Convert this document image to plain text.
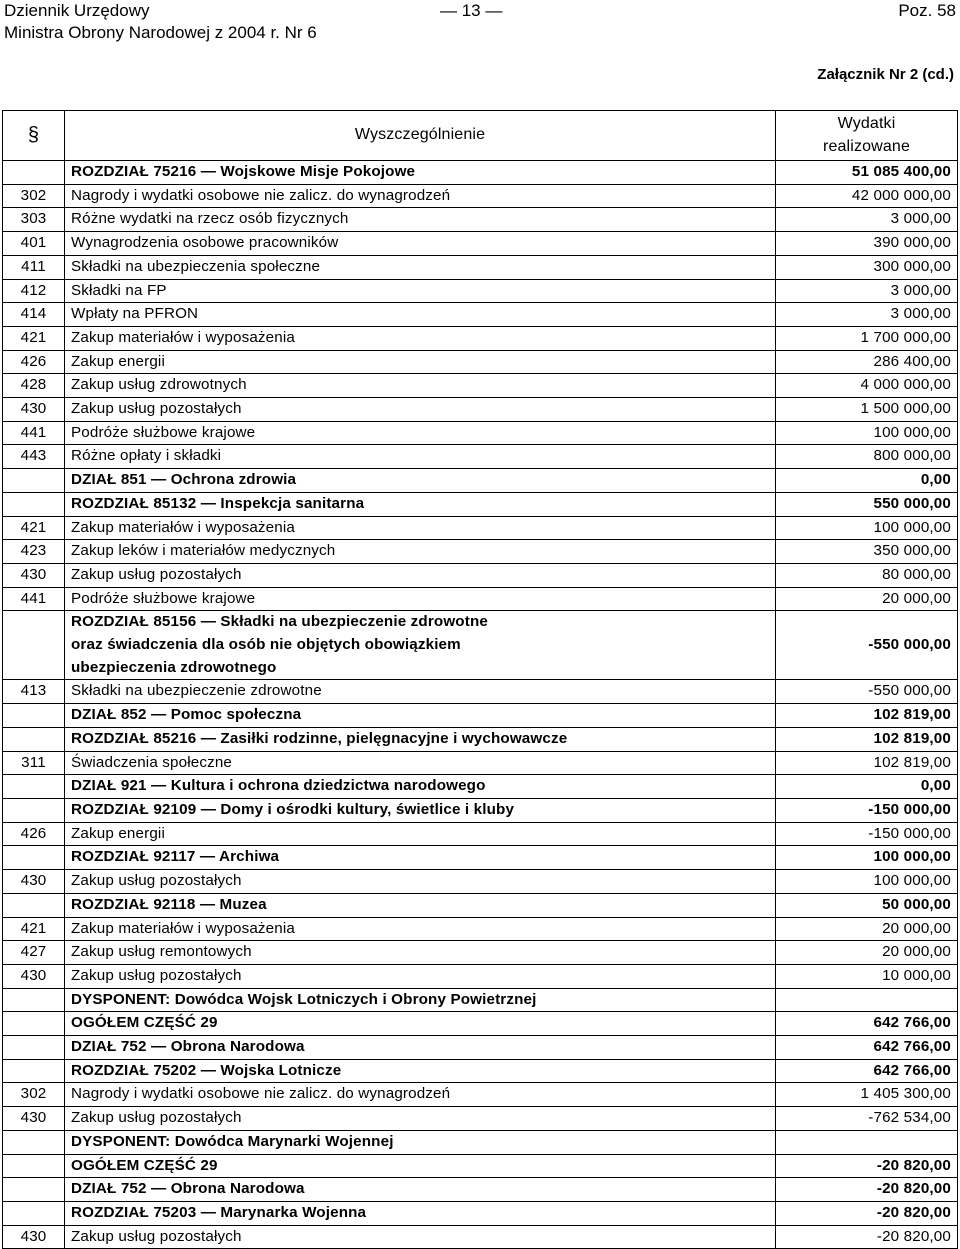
Dziennik Urzędowy
Ministra Obrony Narodowej z 2004 r. Nr 6
— 13 —	Poz. 58
Załącznik Nr 2 (cd.)
§	Wyszczególnienie	Wydatki
realizowane

	ROZDZIAŁ 75216 — Wojskowe Misje Pokojowe	51 085 400,00
302	Nagrody i wydatki osobowe nie zalicz. do wynagrodzeń	42 000 000,00
303	Różne wydatki na rzecz osób fizycznych	3 000,00
401	Wynagrodzenia osobowe pracowników	390 000,00
411	Składki na ubezpieczenia społeczne	300 000,00
412	Składki na FP	3 000,00
414	Wpłaty na PFRON	3 000,00
421	Zakup materiałów i wyposażenia	1 700 000,00
426	Zakup energii	286 400,00
428	Zakup usług zdrowotnych	4 000 000,00
430	Zakup usług pozostałych	1 500 000,00
441	Podróże służbowe krajowe	100 000,00
443	Różne opłaty i składki	800 000,00
	DZIAŁ 851 — Ochrona zdrowia	0,00
	ROZDZIAŁ 85132 — Inspekcja sanitarna	550 000,00
421	Zakup materiałów i wyposażenia	100 000,00
423	Zakup leków i materiałów medycznych	350 000,00
430	Zakup usług pozostałych	80 000,00
441	Podróże służbowe krajowe	20 000,00

	ROZDZIAŁ 85156 — Składki na ubezpieczenie zdrowotne
oraz świadczenia dla osób nie objętych obowiązkiem
ubezpieczenia zdrowotnego	-550 000,00
413	Składki na ubezpieczenie zdrowotne	-550 000,00
	DZIAŁ 852 — Pomoc społeczna	102 819,00
	ROZDZIAŁ 85216 — Zasiłki rodzinne, pielęgnacyjne i wychowawcze	102 819,00
311	Świadczenia społeczne	102 819,00
	DZIAŁ 921 — Kultura i ochrona dziedzictwa narodowego	0,00
	ROZDZIAŁ 92109 — Domy i ośrodki kultury, świetlice i kluby	-150 000,00
426	Zakup energii	-150 000,00
	ROZDZIAŁ 92117 — Archiwa	100 000,00
430	Zakup usług pozostałych	100 000,00
	ROZDZIAŁ 92118 — Muzea	50 000,00
421	Zakup materiałów i wyposażenia	20 000,00
427	Zakup usług remontowych	20 000,00
430	Zakup usług pozostałych	10 000,00
	DYSPONENT: Dowódca Wojsk Lotniczych i Obrony Powietrznej	
	OGÓŁEM CZĘŚĆ 29	642 766,00
	DZIAŁ 752 — Obrona Narodowa	642 766,00
	ROZDZIAŁ 75202 — Wojska Lotnicze	642 766,00
302	Nagrody i wydatki osobowe nie zalicz. do wynagrodzeń	1 405 300,00
430	Zakup usług pozostałych	-762 534,00
	DYSPONENT: Dowódca Marynarki Wojennej	
	OGÓŁEM CZĘŚĆ 29	-20 820,00
	DZIAŁ 752 — Obrona Narodowa	-20 820,00
	ROZDZIAŁ 75203 — Marynarka Wojenna	-20 820,00
430	Zakup usług pozostałych	-20 820,00
